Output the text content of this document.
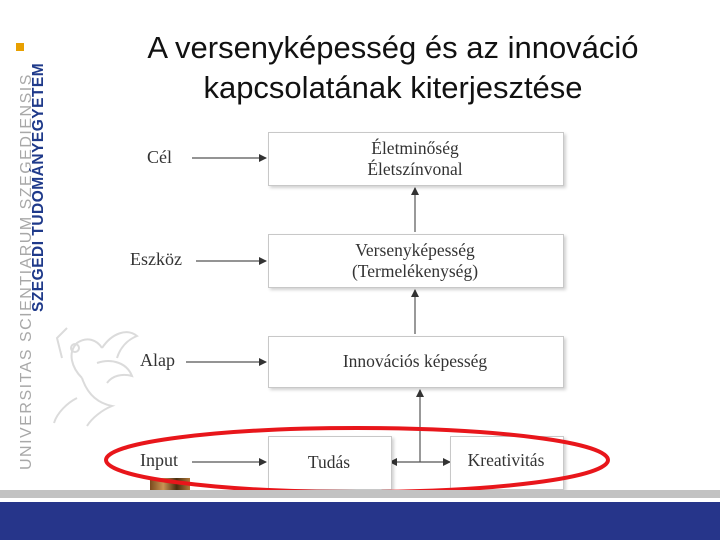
UNIVERSITAS SCIENTIARUM SZEGEDIENSIS
SZEGEDI TUDOMÁNYEGYETEM
A versenyképesség és az innováció
kapcsolatának kiterjesztése
Életminőség
Életszínvonal
Versenyképesség
(Termelékenység)
Innovációs képesség
Tudás	Kreativitás
Cél
Eszköz
Alap
Input
